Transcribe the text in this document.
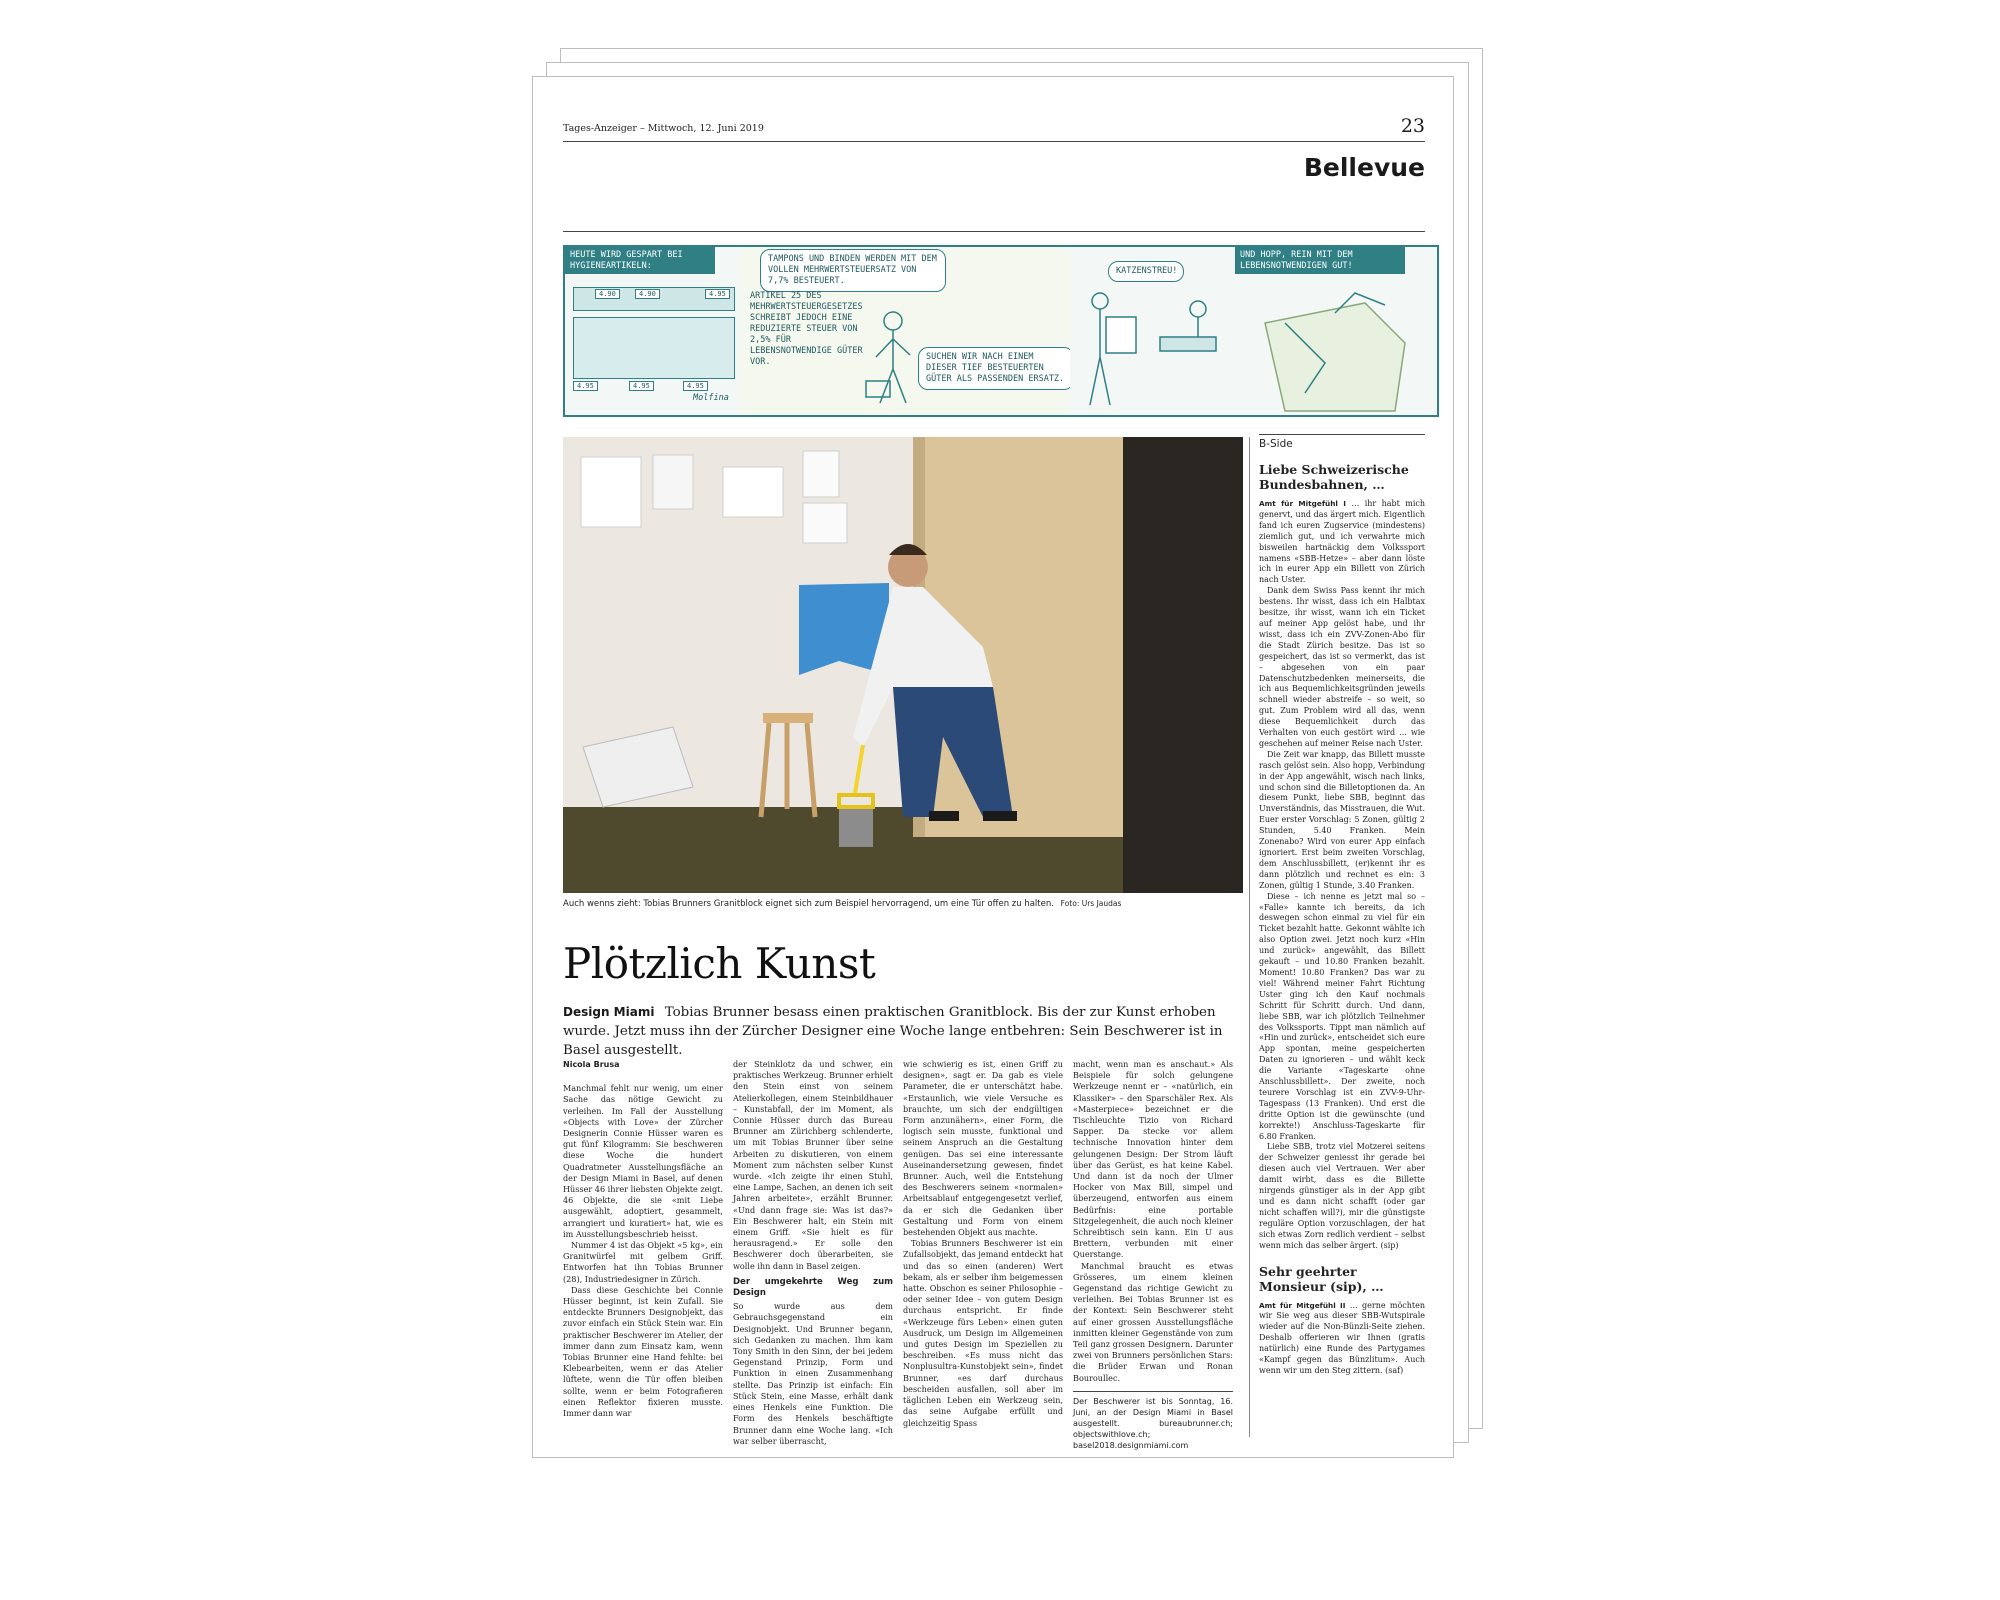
Tages-Anzeiger – Mittwoch, 12. Juni 2019	23
Bellevue
HEUTE WIRD GESPART BEI HYGIENEARTIKELN:
4.90	4.90	4.95
4.95	4.95	4.95
Molfina
TAMPONS UND BINDEN WERDEN MIT DEM VOLLEN MEHRWERTSTEUERSATZ VON 7,7% BESTEUERT.
ARTIKEL 25 DES MEHRWERTSTEUERGESETZES SCHREIBT JEDOCH EINE REDUZIERTE STEUER VON 2,5% FÜR LEBENSNOTWENDIGE GÜTER VOR.
SUCHEN WIR NACH EINEM DIESER TIEF BESTEUERTEN GÜTER ALS PASSENDEN ERSATZ.
KATZENSTREU!
UND HOPP, REIN MIT DEM LEBENSNOTWENDIGEN GUT!
Auch wenns zieht: Tobias Brunners Granitblock eignet sich zum Beispiel hervorragend, um eine Tür offen zu halten. Foto: Urs Jaudas
Plötzlich Kunst
Design Miami Tobias Brunner besass einen praktischen Granitblock. Bis der zur Kunst erhoben wurde. Jetzt muss ihn der Zürcher Designer eine Woche lange entbehren: Sein Beschwerer ist in Basel ausgestellt.
Nicola Brusa

Manchmal fehlt nur wenig, um einer Sache das nötige Gewicht zu verleihen. Im Fall der Ausstellung «Objects with Love» der Zürcher Designerin Connie Hüsser waren es gut fünf Kilogramm: Sie beschweren diese Woche die hundert Quadratmeter Ausstellungsfläche an der Design Miami in Basel, auf denen Hüsser 46 ihrer liebsten Objekte zeigt. 46 Objekte, die sie «mit Liebe ausgewählt, adoptiert, gesammelt, arrangiert und kuratiert» hat, wie es im Ausstellungsbeschrieb heisst.

Nummer 4 ist das Objekt «5 kg», ein Granitwürfel mit gelbem Griff. Entworfen hat ihn Tobias Brunner (28), Industriedesigner in Zürich.

Dass diese Geschichte bei Connie Hüsser beginnt, ist kein Zufall. Sie entdeckte Brunners Designobjekt, das zuvor einfach ein Stück Stein war. Ein praktischer Beschwerer im Atelier, der immer dann zum Einsatz kam, wenn Tobias Brunner eine Hand fehlte: bei Klebearbeiten, wenn er das Atelier lüftete, wenn die Tür offen bleiben sollte, wenn er beim Fotografieren einen Reflektor fixieren musste. Immer dann war

der Steinklotz da und schwer, ein praktisches Werkzeug. Brunner erhielt den Stein einst von seinem Atelierkollegen, einem Steinbildhauer – Kunstabfall, der im Moment, als Connie Hüsser durch das Bureau Brunner am Zürichberg schlenderte, um mit Tobias Brunner über seine Arbeiten zu diskutieren, von einem Moment zum nächsten selber Kunst wurde. «Ich zeigte ihr einen Stuhl, eine Lampe, Sachen, an denen ich seit Jahren arbeitete», erzählt Brunner. «Und dann frage sie: Was ist das?» Ein Beschwerer halt, ein Stein mit einem Griff. «Sie hielt es für herausragend.» Er solle den Beschwerer doch überarbeiten, sie wolle ihn dann in Basel zeigen.

Der umgekehrte Weg zum Design

So wurde aus dem Gebrauchsgegenstand ein Designobjekt. Und Brunner begann, sich Gedanken zu machen. Ihm kam Tony Smith in den Sinn, der bei jedem Gegenstand Prinzip, Form und Funktion in einen Zusammenhang stellte. Das Prinzip ist einfach: Ein Stück Stein, eine Masse, erhält dank eines Henkels eine Funktion. Die Form des Henkels beschäftigte Brunner dann eine Woche lang. «Ich war selber überrascht,

wie schwierig es ist, einen Griff zu designen», sagt er. Da gab es viele Parameter, die er unterschätzt habe. «Erstaunlich, wie viele Versuche es brauchte, um sich der endgültigen Form anzunähern», einer Form, die logisch sein musste, funktional und seinem Anspruch an die Gestaltung genügen. Das sei eine interessante Auseinandersetzung gewesen, findet Brunner. Auch, weil die Entstehung des Beschwerers seinem «normalen» Arbeitsablauf entgegengesetzt verlief, da er sich die Gedanken über Gestaltung und Form von einem bestehenden Objekt aus machte.

Tobias Brunners Beschwerer ist ein Zufallsobjekt, das jemand entdeckt hat und das so einen (anderen) Wert bekam, als er selber ihm beigemessen hatte. Obschon es seiner Philosophie – oder seiner Idee – von gutem Design durchaus entspricht. Er finde «Werkzeuge fürs Leben» einen guten Ausdruck, um Design im Allgemeinen und gutes Design im Speziellen zu beschreiben. «Es muss nicht das Nonplusultra-Kunstobjekt sein», findet Brunner, «es darf durchaus bescheiden ausfallen, soll aber im täglichen Leben ein Werkzeug sein, das seine Aufgabe erfüllt und gleichzeitig Spass

macht, wenn man es anschaut.» Als Beispiele für solch gelungene Werkzeuge nennt er – «natürlich, ein Klassiker» – den Sparschäler Rex. Als «Masterpiece» bezeichnet er die Tischleuchte Tizio von Richard Sapper. Da stecke vor allem technische Innovation hinter dem gelungenen Design: Der Strom läuft über das Gerüst, es hat keine Kabel. Und dann ist da noch der Ulmer Hocker von Max Bill, simpel und überzeugend, entworfen aus einem Bedürfnis: eine portable Sitzgelegenheit, die auch noch kleiner Schreibtisch sein kann. Ein U aus Brettern, verbunden mit einer Querstange.

Manchmal braucht es etwas Grösseres, um einem kleinen Gegenstand das richtige Gewicht zu verleihen. Bei Tobias Brunner ist es der Kontext: Sein Beschwerer steht auf einer grossen Ausstellungsfläche inmitten kleiner Gegenstände von zum Teil ganz grossen Designern. Darunter zwei von Brunners persönlichen Stars: die Brüder Erwan und Ronan Bouroullec.

Der Beschwerer ist bis Sonntag, 16. Juni, an der Design Miami in Basel ausgestellt. bureaubrunner.ch; objectswithlove.ch; basel2018.designmiami.com
B-Side
Liebe Schweizerische Bundesbahnen, …

Amt für Mitgefühl I … ihr habt mich genervt, und das ärgert mich. Eigentlich fand ich euren Zugservice (mindestens) ziemlich gut, und ich verwahrte mich bisweilen hartnäckig dem Volkssport namens «SBB-Hetze» – aber dann löste ich in eurer App ein Billett von Zürich nach Uster.

Dank dem Swiss Pass kennt ihr mich bestens. Ihr wisst, dass ich ein Halbtax besitze, ihr wisst, wann ich ein Ticket auf meiner App gelöst habe, und ihr wisst, dass ich ein ZVV-Zonen-Abo für die Stadt Zürich besitze. Das ist so gespeichert, das ist so vermerkt, das ist – abgesehen von ein paar Datenschutzbedenken meinerseits, die ich aus Bequemlichkeitsgründen jeweils schnell wieder abstreife – so weit, so gut. Zum Problem wird all das, wenn diese Bequemlichkeit durch das Verhalten von euch gestört wird … wie geschehen auf meiner Reise nach Uster.

Die Zeit war knapp, das Billett musste rasch gelöst sein. Also hopp, Verbindung in der App angewählt, wisch nach links, und schon sind die Billetoptionen da. An diesem Punkt, liebe SBB, beginnt das Unverständnis, das Misstrauen, die Wut. Euer erster Vorschlag: 5 Zonen, gültig 2 Stunden, 5.40 Franken. Mein Zonenabo? Wird von eurer App einfach ignoriert. Erst beim zweiten Vorschlag, dem Anschlussbillett, (er)kennt ihr es dann plötzlich und rechnet es ein: 3 Zonen, gültig 1 Stunde, 3.40 Franken.

Diese – ich nenne es jetzt mal so – «Falle» kannte ich bereits, da ich deswegen schon einmal zu viel für ein Ticket bezahlt hatte. Gekonnt wählte ich also Option zwei. Jetzt noch kurz «Hin und zurück» angewählt, das Billett gekauft – und 10.80 Franken bezahlt. Moment! 10.80 Franken? Das war zu viel! Während meiner Fahrt Richtung Uster ging ich den Kauf nochmals Schritt für Schritt durch. Und dann, liebe SBB, war ich plötzlich Teilnehmer des Volkssports. Tippt man nämlich auf «Hin und zurück», entscheidet sich eure App spontan, meine gespeicherten Daten zu ignorieren – und wählt keck die Variante «Tageskarte ohne Anschlussbillett». Der zweite, noch teurere Vorschlag ist ein ZVV-9-Uhr-Tagespass (13 Franken). Und erst die dritte Option ist die gewünschte (und korrekte!) Anschluss-Tageskarte für 6.80 Franken.

Liebe SBB, trotz viel Motzerei seitens der Schweizer geniesst ihr gerade bei diesen auch viel Vertrauen. Wer aber damit wirbt, dass es die Billette nirgends günstiger als in der App gibt und es dann nicht schafft (oder gar nicht schaffen will?), mir die günstigste reguläre Option vorzuschlagen, der hat sich etwas Zorn redlich verdient – selbst wenn mich das selber ärgert. (sip)

Sehr geehrter Monsieur (sip), …

Amt für Mitgefühl II … gerne möchten wir Sie weg aus dieser SBB-Wutspirale wieder auf die Non-Bünzli-Seite ziehen. Deshalb offerieren wir Ihnen (gratis natürlich) eine Runde des Partygames «Kampf gegen das Bünzlitum». Auch wenn wir um den Steg zittern. (saf)
